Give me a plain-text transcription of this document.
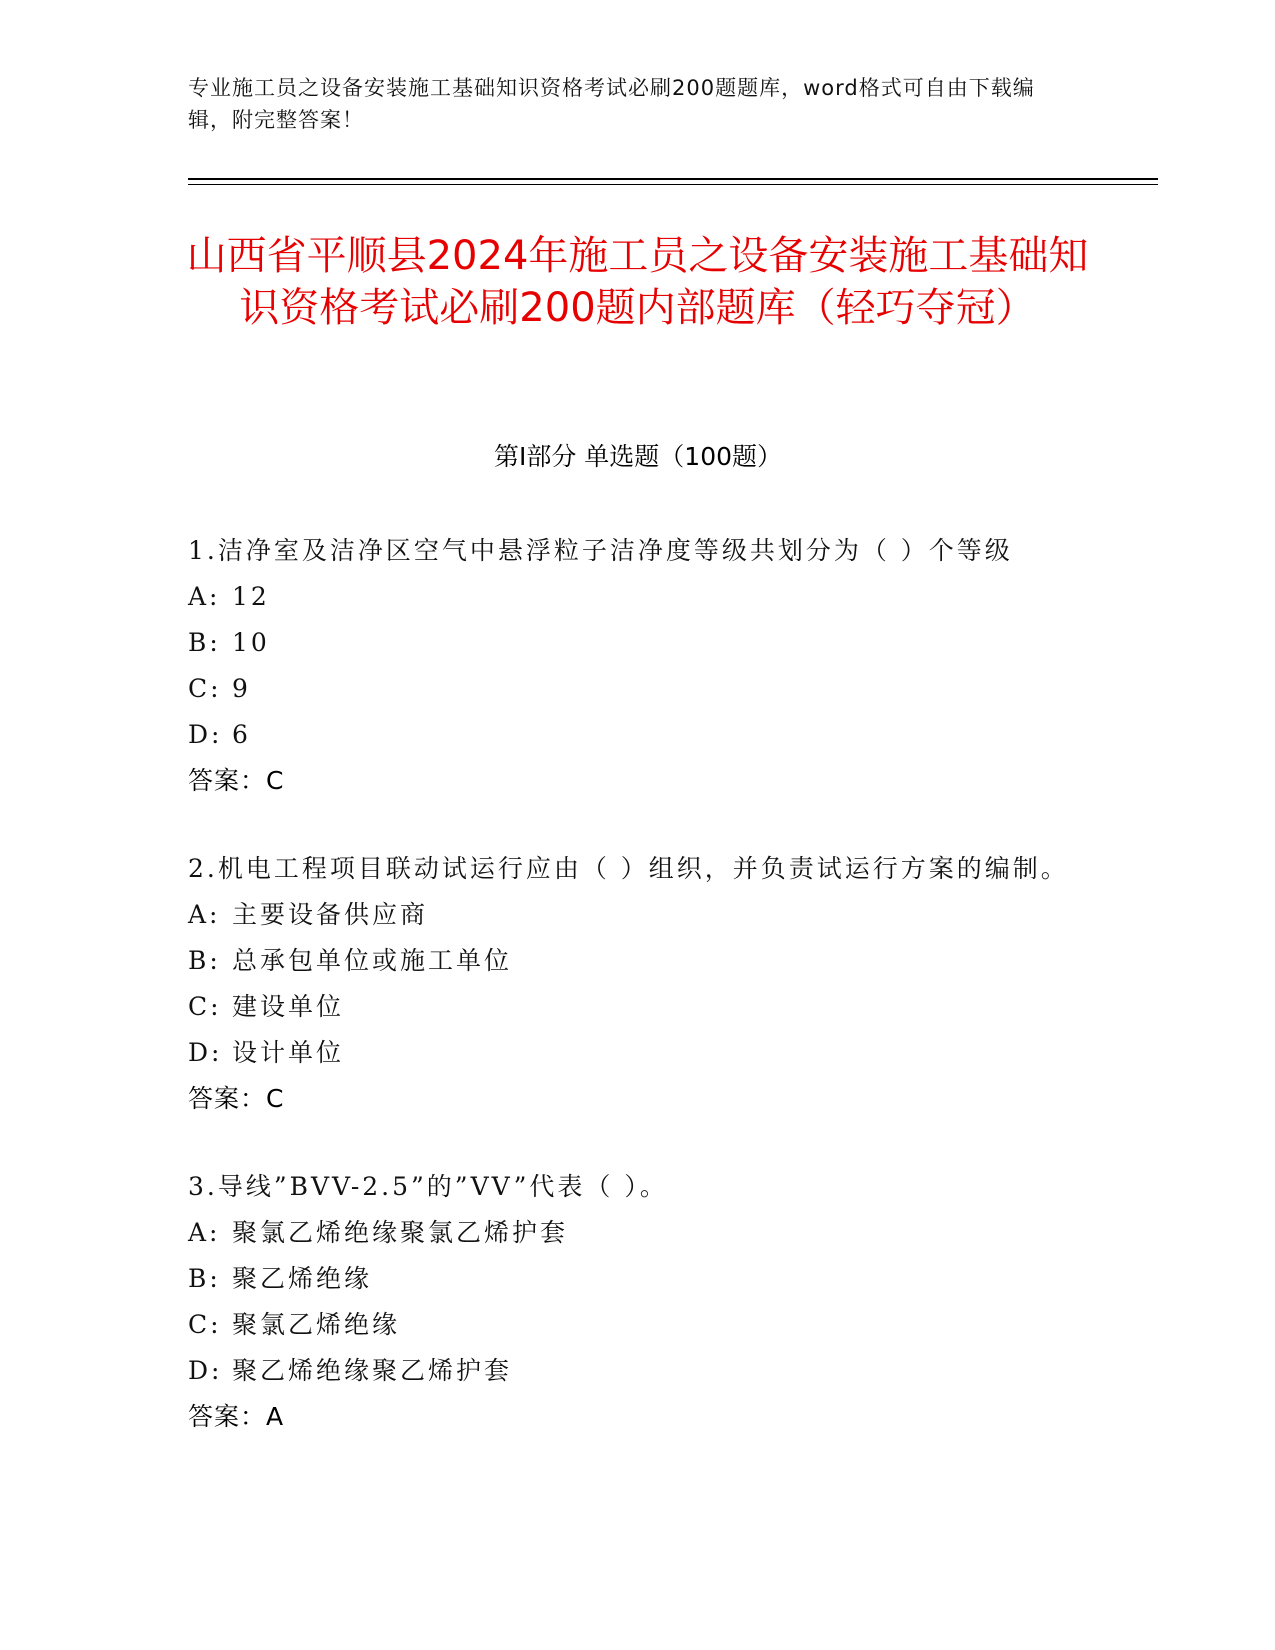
专业施工员之设备安装施工基础知识资格考试必刷200题题库，word格式可自由下载编辑，附完整答案！
山西省平顺县2024年施工员之设备安装施工基础知识资格考试必刷200题内部题库（轻巧夺冠）
第Ⅰ部分 单选题（100题）
1.洁净室及洁净区空气中悬浮粒子洁净度等级共划分为（ ）个等级
A: 12
B: 10
C: 9
D: 6
答案：C
2.机电工程项目联动试运行应由（ ）组织，并负责试运行方案的编制。
A: 主要设备供应商
B: 总承包单位或施工单位
C: 建设单位
D: 设计单位
答案：C
3.导线”BVV-2.5”的”VV”代表（ ）。
A: 聚氯乙烯绝缘聚氯乙烯护套
B: 聚乙烯绝缘
C: 聚氯乙烯绝缘
D: 聚乙烯绝缘聚乙烯护套
答案：A
